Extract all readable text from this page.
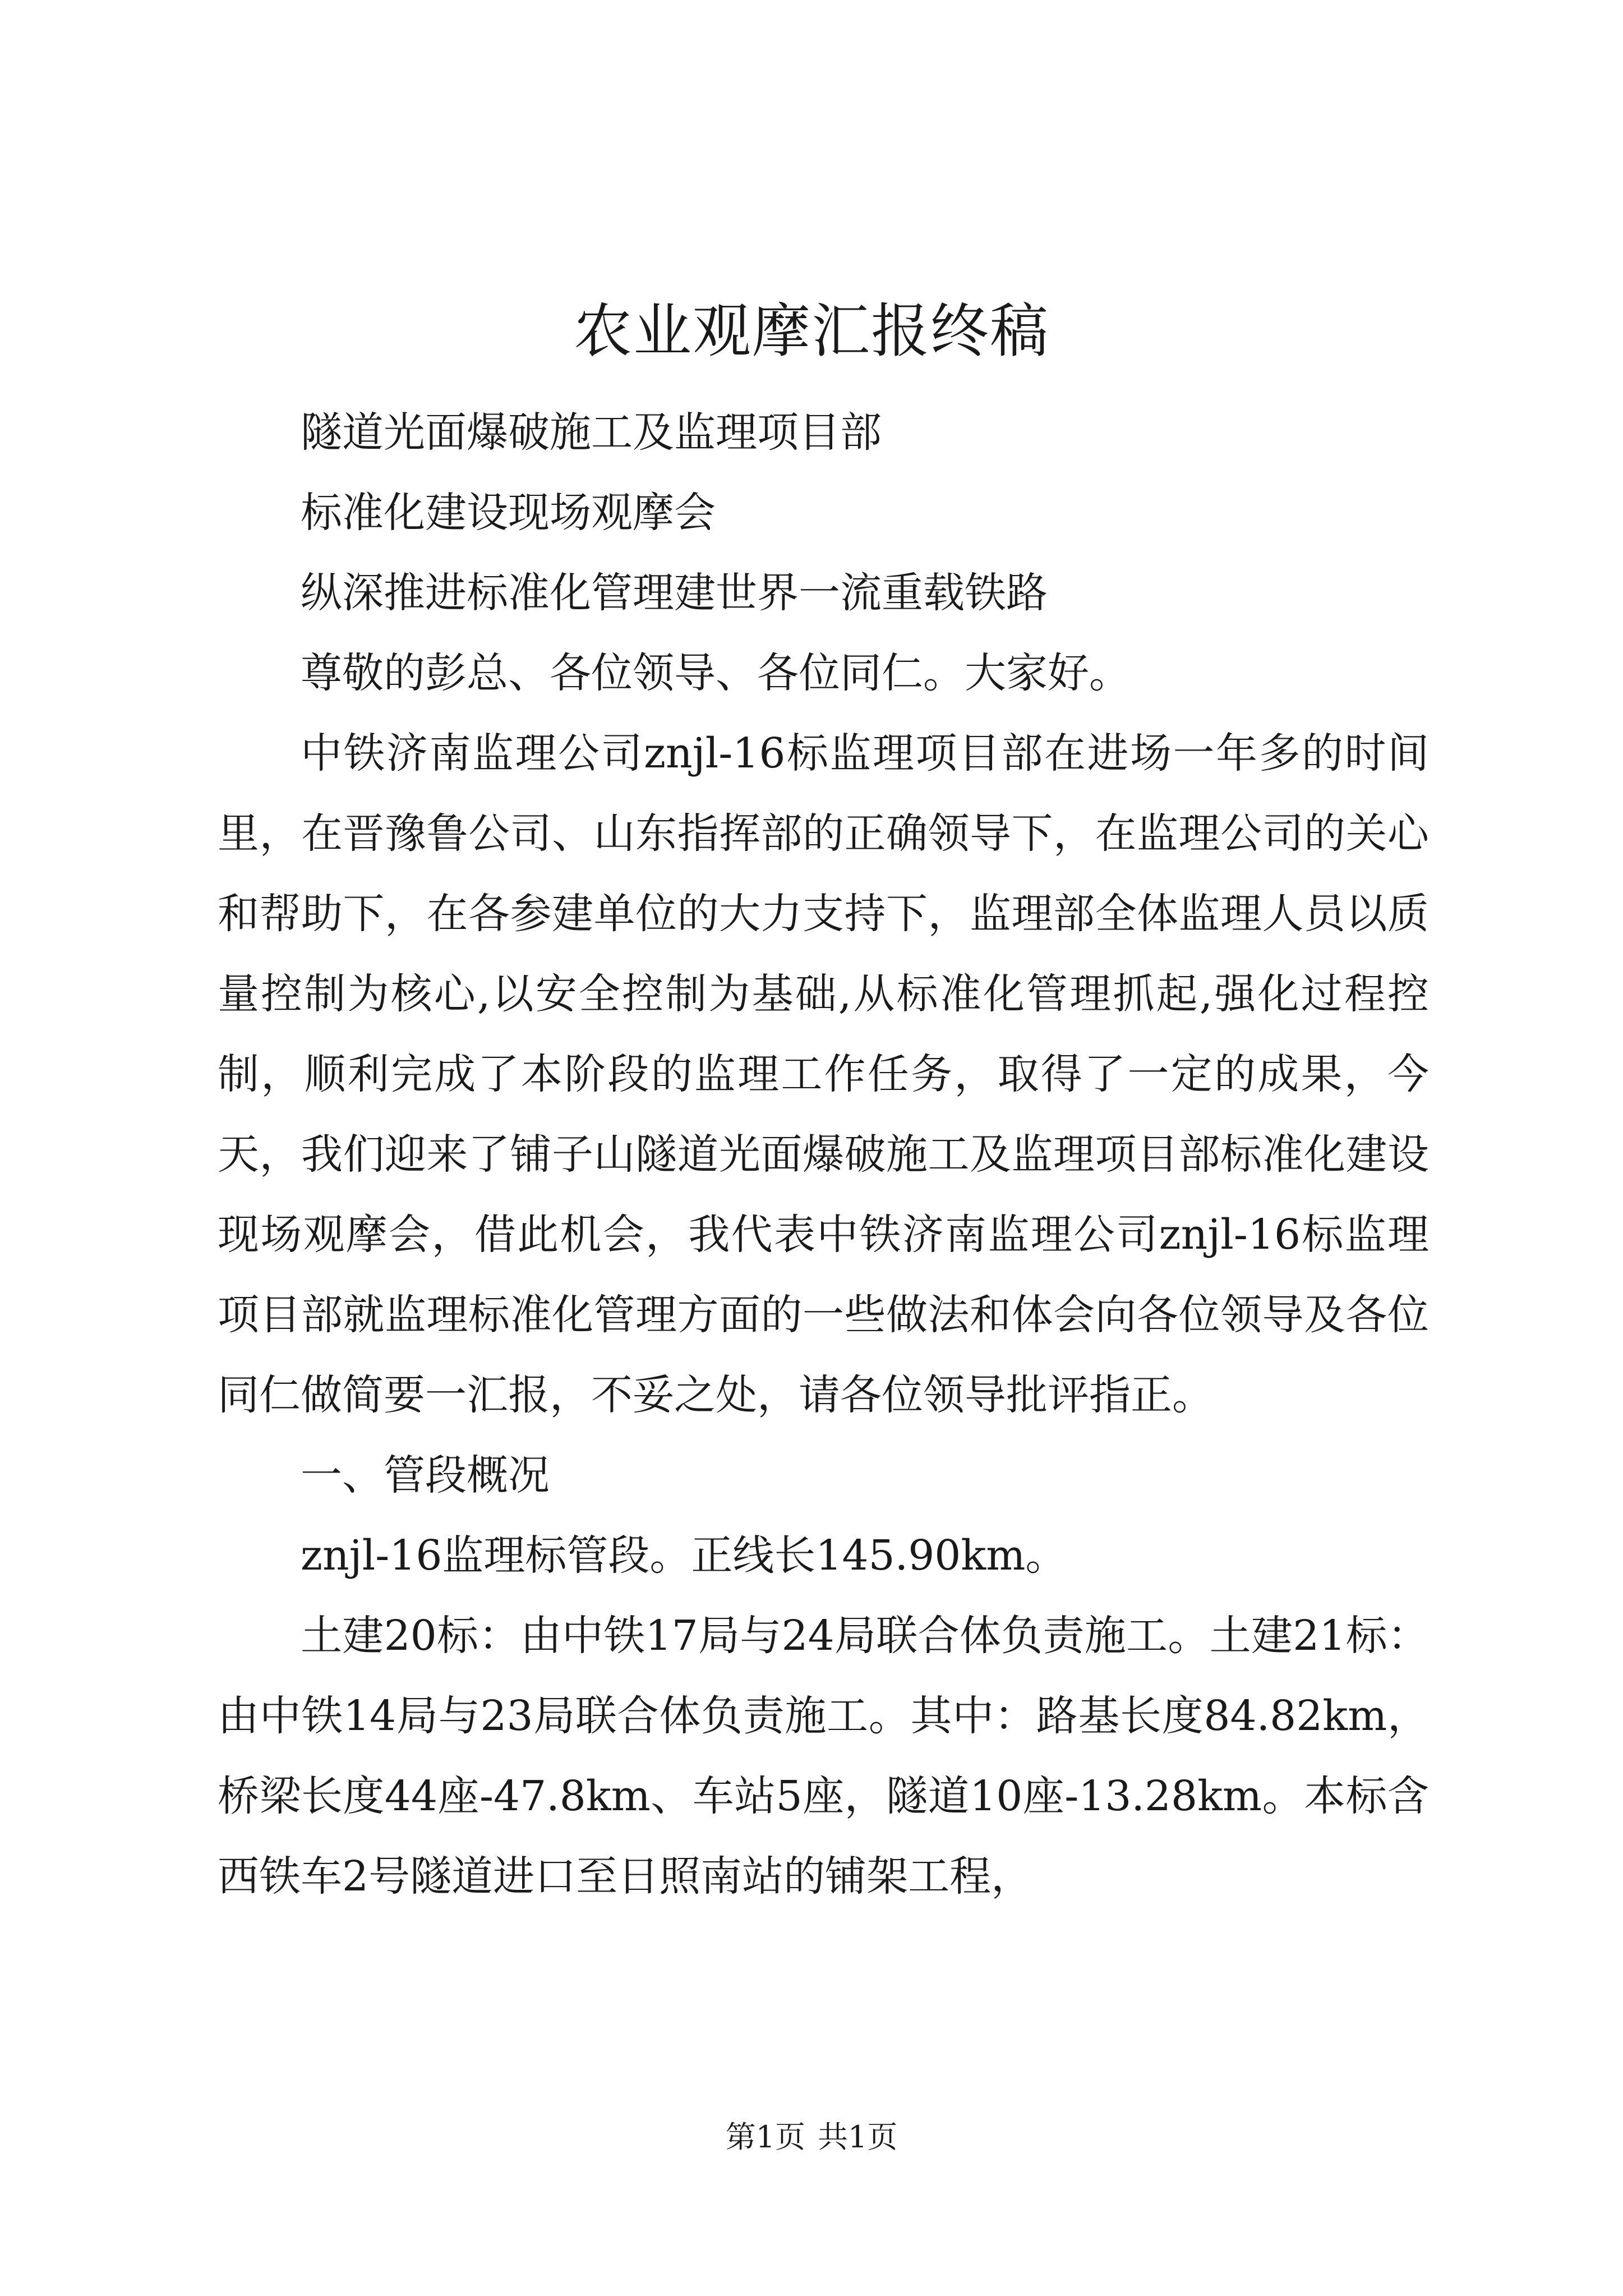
农业观摩汇报终稿

隧道光面爆破施工及监理项目部

标准化建设现场观摩会

纵深推进标准化管理建世界一流重载铁路

尊敬的彭总、各位领导、各位同仁。大家好。

中铁济南监理公司znjl-16标监理项目部在进场一年多的时间里，在晋豫鲁公司、山东指挥部的正确领导下，在监理公司的关心和帮助下，在各参建单位的大力支持下，监理部全体监理人员以质量控制为核心,以安全控制为基础,从标准化管理抓起,强化过程控制，顺利完成了本阶段的监理工作任务，取得了一定的成果，今天，我们迎来了铺子山隧道光面爆破施工及监理项目部标准化建设现场观摩会，借此机会，我代表中铁济南监理公司znjl-16标监理项目部就监理标准化管理方面的一些做法和体会向各位领导及各位同仁做简要一汇报，不妥之处，请各位领导批评指正。

一、管段概况

znjl-16监理标管段。正线长145.90km。

土建20标：由中铁17局与24局联合体负责施工。土建21标：由中铁14局与23局联合体负责施工。其中：路基长度84.82km，桥梁长度44座-47.8km、车站5座，隧道10座-13.28km。本标含西铁车2号隧道进口至日照南站的铺架工程，

第1页 共1页
